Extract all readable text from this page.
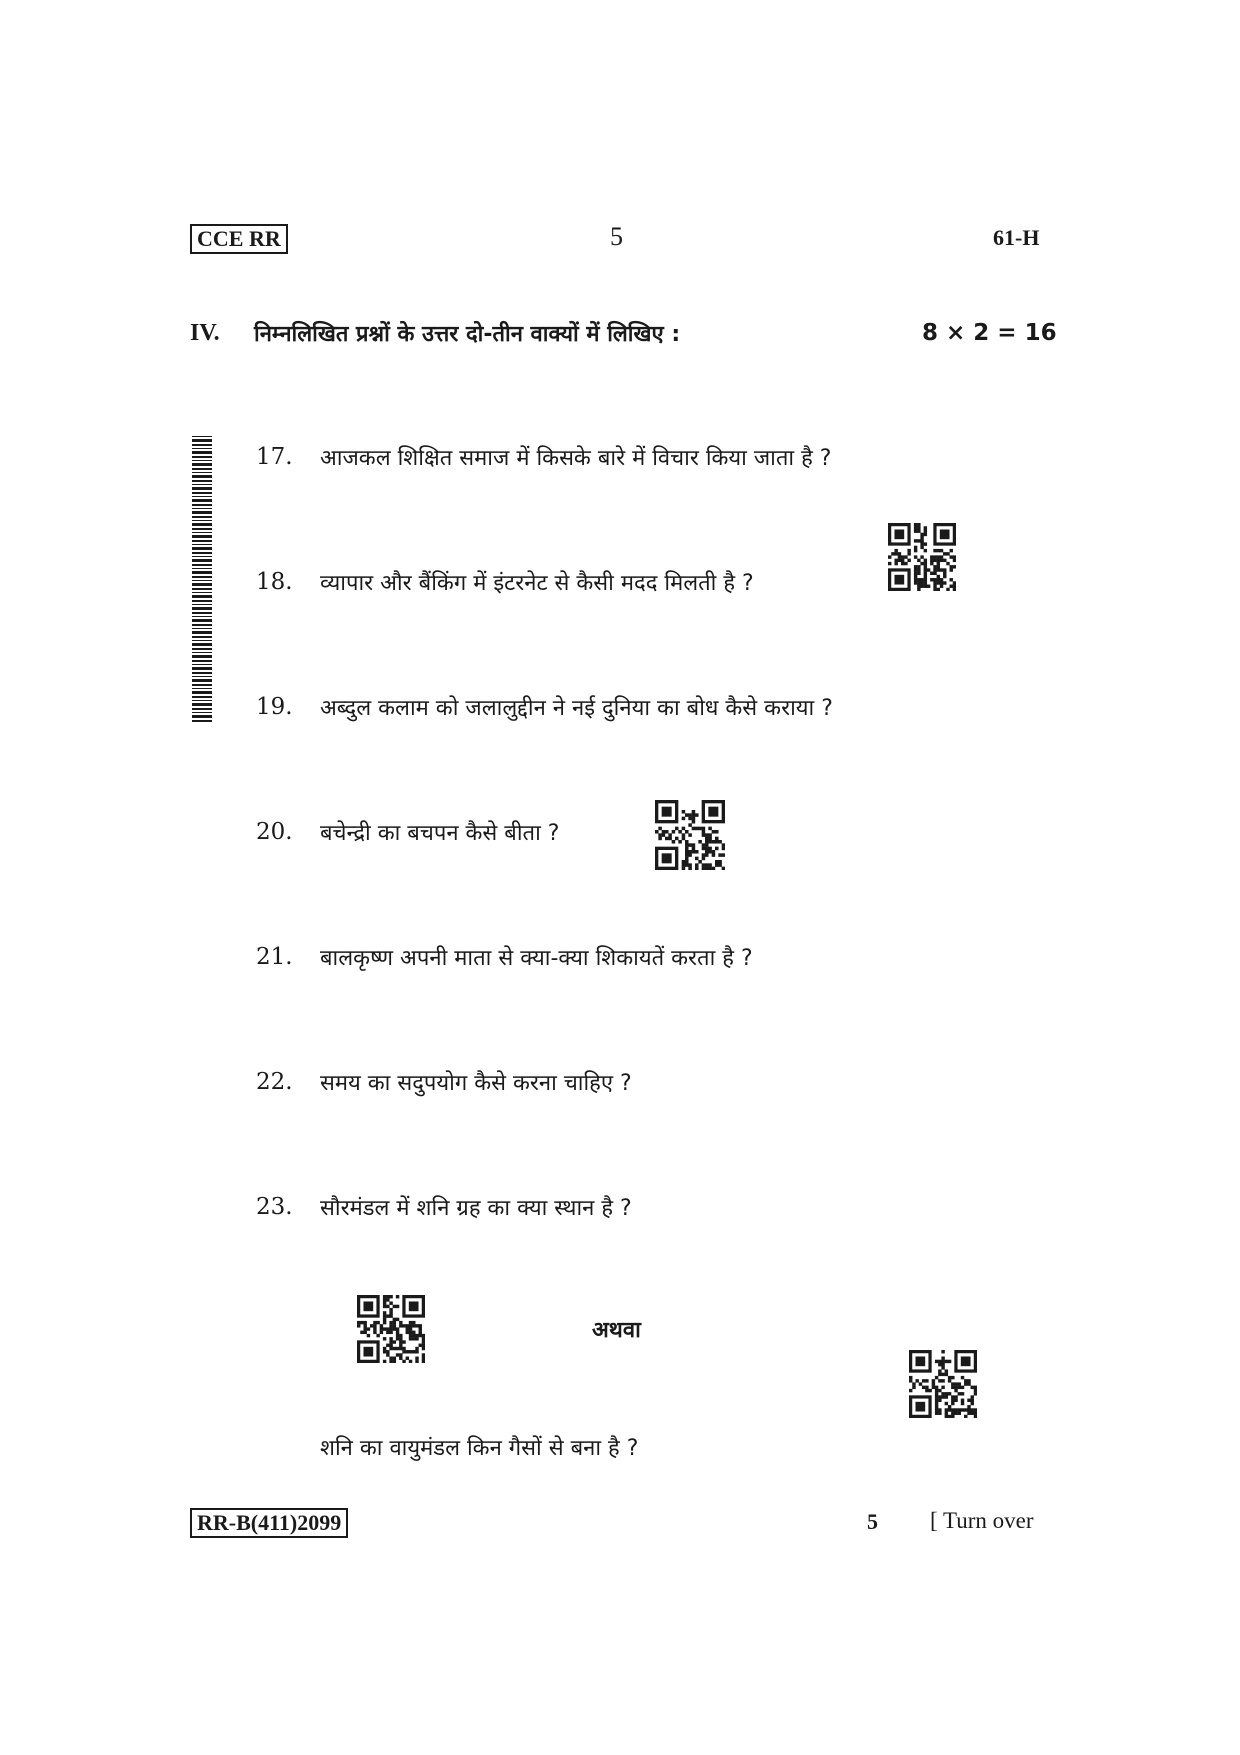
CCE RR	5	61-H
IV. निम्नलिखित प्रश्नों के उत्तर दो-तीन वाक्यों में लिखिए :	8 × 2 = 16
17.	आजकल शिक्षित समाज में किसके बारे में विचार किया जाता है ?
18.	व्यापार और बैंकिंग में इंटरनेट से कैसी मदद मिलती है ?
19.	अब्दुल कलाम को जलालुद्दीन ने नई दुनिया का बोध कैसे कराया ?
20.	बचेन्द्री का बचपन कैसे बीता ?
21.	बालकृष्ण अपनी माता से क्या-क्या शिकायतें करता है ?
22.	समय का सदुपयोग कैसे करना चाहिए ?
23.	सौरमंडल में शनि ग्रह का क्या स्थान है ?
अथवा
शनि का वायुमंडल किन गैसों से बना है ?
RR-B(411)2099	5 [ Turn over
